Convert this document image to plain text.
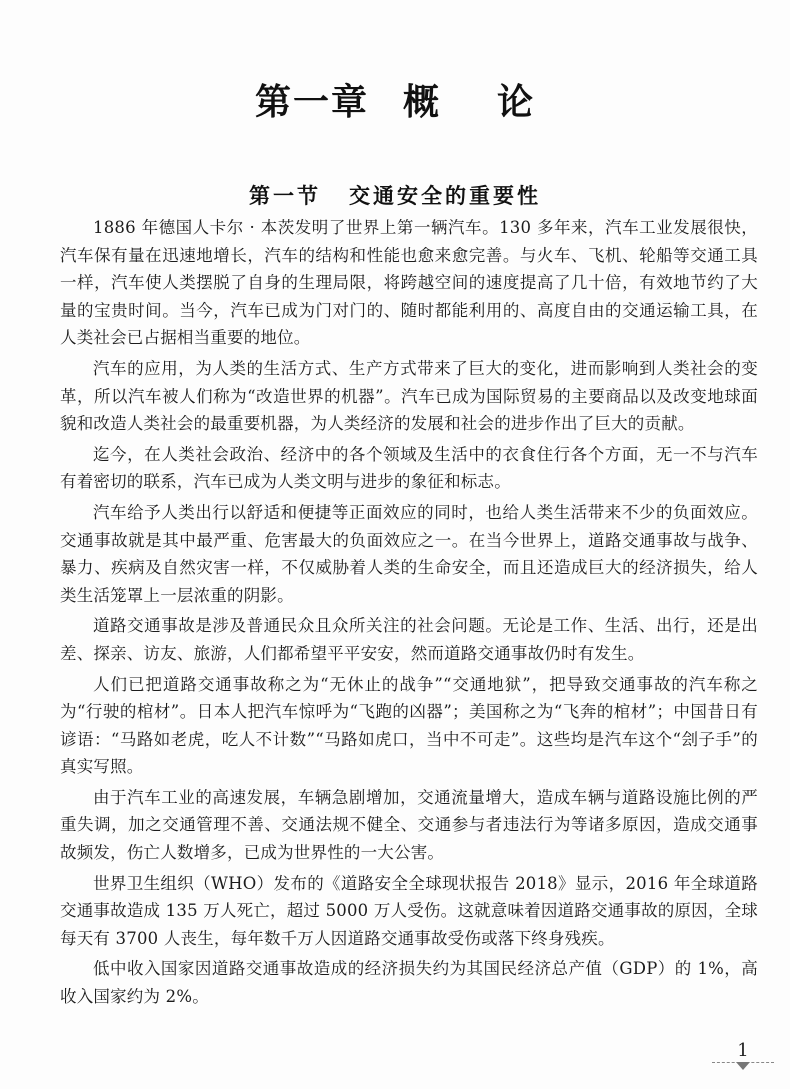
第一章 概 论
第一节 交通安全的重要性

1886 年德国人卡尔 · 本茨发明了世界上第一辆汽车。130 多年来，汽车工业发展很快，汽车保有量在迅速地增长，汽车的结构和性能也愈来愈完善。与火车、飞机、轮船等交通工具一样，汽车使人类摆脱了自身的生理局限，将跨越空间的速度提高了几十倍，有效地节约了大量的宝贵时间。当今，汽车已成为门对门的、随时都能利用的、高度自由的交通运输工具，在人类社会已占据相当重要的地位。

汽车的应用，为人类的生活方式、生产方式带来了巨大的变化，进而影响到人类社会的变革，所以汽车被人们称为“改造世界的机器”。汽车已成为国际贸易的主要商品以及改变地球面貌和改造人类社会的最重要机器，为人类经济的发展和社会的进步作出了巨大的贡献。

迄今，在人类社会政治、经济中的各个领域及生活中的衣食住行各个方面，无一不与汽车有着密切的联系，汽车已成为人类文明与进步的象征和标志。

汽车给予人类出行以舒适和便捷等正面效应的同时，也给人类生活带来不少的负面效应。交通事故就是其中最严重、危害最大的负面效应之一。在当今世界上，道路交通事故与战争、暴力、疾病及自然灾害一样，不仅威胁着人类的生命安全，而且还造成巨大的经济损失，给人类生活笼罩上一层浓重的阴影。

道路交通事故是涉及普通民众且众所关注的社会问题。无论是工作、生活、出行，还是出差、探亲、访友、旅游，人们都希望平平安安，然而道路交通事故仍时有发生。

人们已把道路交通事故称之为“无休止的战争”“交通地狱”，把导致交通事故的汽车称之为“行驶的棺材”。日本人把汽车惊呼为“飞跑的凶器”；美国称之为“飞奔的棺材”；中国昔日有谚语：“马路如老虎，吃人不计数”“马路如虎口，当中不可走”。这些均是汽车这个“刽子手”的真实写照。

由于汽车工业的高速发展，车辆急剧增加，交通流量增大，造成车辆与道路设施比例的严重失调，加之交通管理不善、交通法规不健全、交通参与者违法行为等诸多原因，造成交通事故频发，伤亡人数增多，已成为世界性的一大公害。

世界卫生组织（WHO）发布的《道路安全全球现状报告 2018》显示，2016 年全球道路交通事故造成 135 万人死亡，超过 5000 万人受伤。这就意味着因道路交通事故的原因，全球每天有 3700 人丧生，每年数千万人因道路交通事故受伤或落下终身残疾。

低中收入国家因道路交通事故造成的经济损失约为其国民经济总产值（GDP）的 1%，高收入国家约为 2%。

1
